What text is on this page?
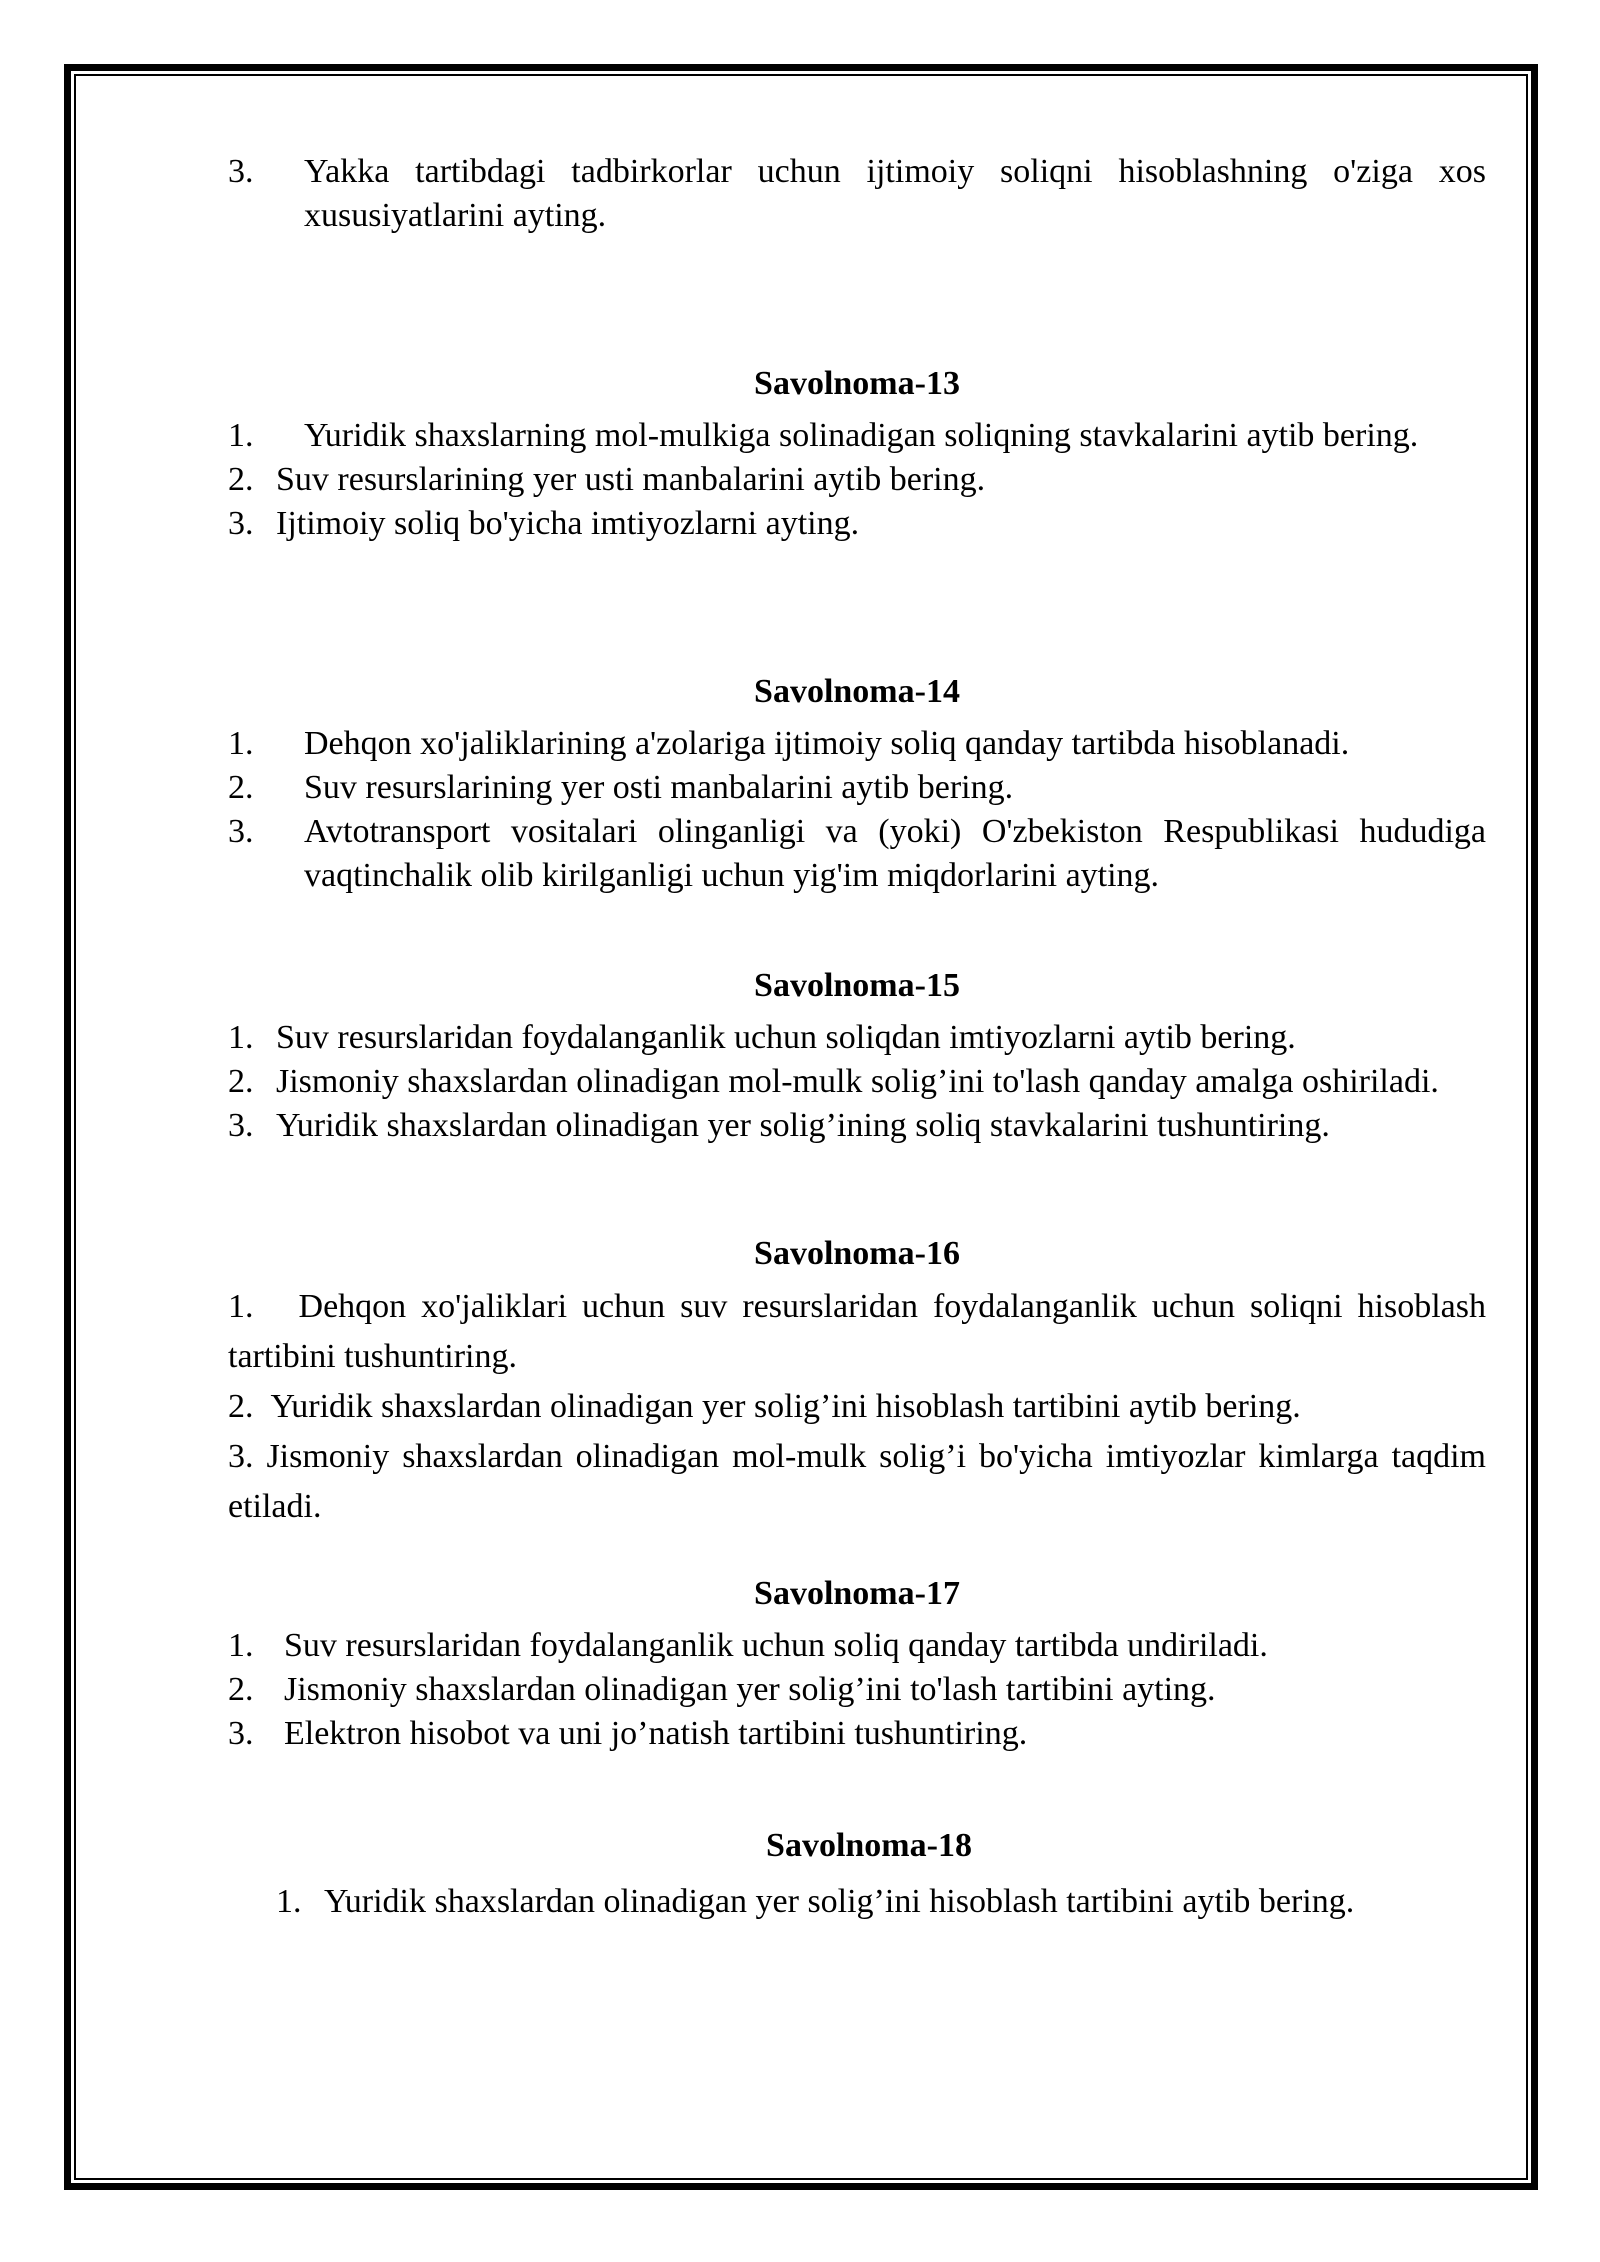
3. Yakka tartibdagi tadbirkorlar uchun ijtimoiy soliqni hisoblashning o'ziga xos xususiyatlarini ayting.
Savolnoma-13
1. Yuridik shaxslarning mol-mulkiga solinadigan soliqning stavkalarini aytib bering.
2. Suv resurslarining yer usti manbalarini aytib bering.
3. Ijtimoiy soliq bo'yicha imtiyozlarni ayting.
Savolnoma-14
1. Dehqon xo'jaliklarining a'zolariga ijtimoiy soliq qanday tartibda hisoblanadi.
2. Suv resurslarining yer osti manbalarini aytib bering.
3. Avtotransport vositalari olinganligi va (yoki) O'zbekiston Respublikasi hududiga vaqtinchalik olib kirilganligi uchun yig'im miqdorlarini ayting.
Savolnoma-15
1. Suv resurslaridan foydalanganlik uchun soliqdan imtiyozlarni aytib bering.
2. Jismoniy shaxslardan olinadigan mol-mulk solig’ini to'lash qanday amalga oshiriladi.
3. Yuridik shaxslardan olinadigan yer solig’ining soliq stavkalarini tushuntiring.
Savolnoma-16
1. Dehqon xo'jaliklari uchun suv resurslaridan foydalanganlik uchun soliqni hisoblash tartibini tushuntiring.
2. Yuridik shaxslardan olinadigan yer solig’ini hisoblash tartibini aytib bering.
3. Jismoniy shaxslardan olinadigan mol-mulk solig’i bo'yicha imtiyozlar kimlarga taqdim etiladi.
Savolnoma-17
1. Suv resurslaridan foydalanganlik uchun soliq qanday tartibda undiriladi.
2. Jismoniy shaxslardan olinadigan yer solig’ini to'lash tartibini ayting.
3. Elektron hisobot va uni jo’natish tartibini tushuntiring.
Savolnoma-18
1. Yuridik shaxslardan olinadigan yer solig’ini hisoblash tartibini aytib bering.
